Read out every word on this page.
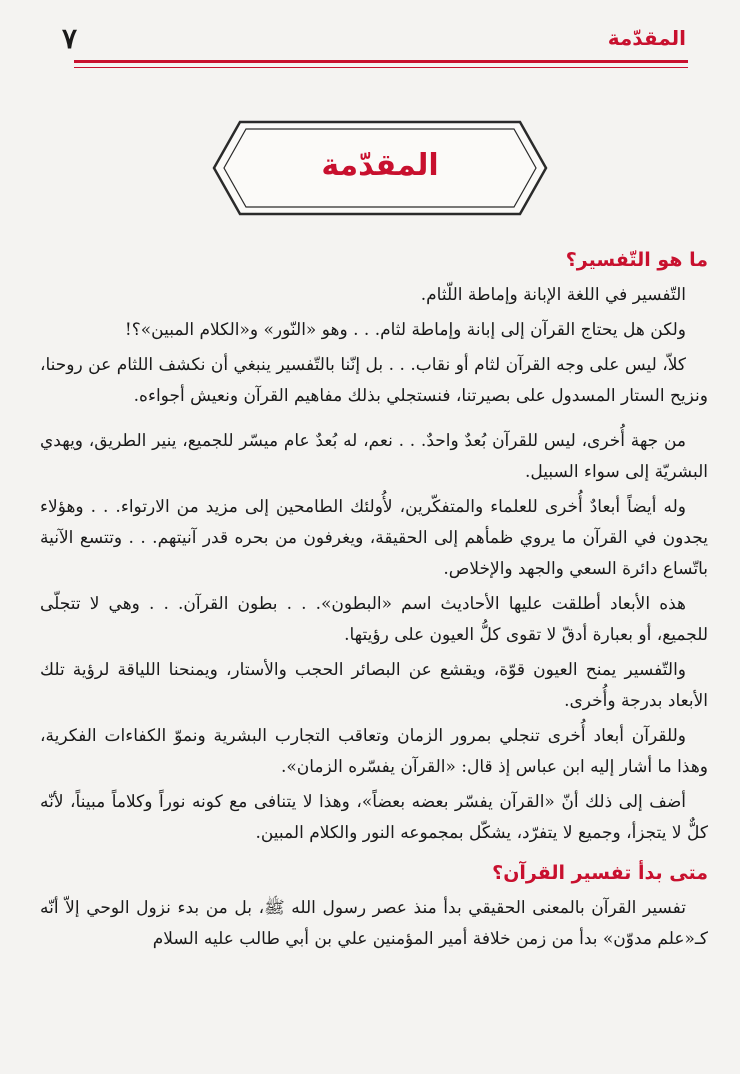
المقدّمة
٧
المقدّمة
ما هو التّفسير؟

التّفسير في اللغة الإبانة وإماطة اللّثام.

ولكن هل يحتاج القرآن إلى إبانة وإماطة لثام. . . وهو «النّور» و«الكلام المبين»؟!

كلاّ، ليس على وجه القرآن لثام أو نقاب. . . بل إنّنا بالتّفسير ينبغي أن نكشف اللثام عن روحنا، ونزيح الستار المسدول على بصيرتنا، فنستجلي بذلك مفاهيم القرآن ونعيش أجواءه.

من جهة أُخرى، ليس للقرآن بُعدٌ واحدٌ. . . نعم، له بُعدٌ عام ميسّر للجميع، ينير الطريق، ويهدي البشريّة إلى سواء السبيل.

وله أيضاً أبعادٌ أُخرى للعلماء والمتفكّرين، لأُولئك الطامحين إلى مزيد من الارتواء. . . وهؤلاء يجدون في القرآن ما يروي ظمأهم إلى الحقيقة، ويغرفون من بحره قدر آنيتهم. . . وتتسع الآنية باتّساع دائرة السعي والجهد والإخلاص.

هذه الأبعاد أطلقت عليها الأحاديث اسم «البطون». . . بطون القرآن. . . وهي لا تتجلّى للجميع، أو بعبارة أدقّ لا تقوى كلُّ العيون على رؤيتها.

والتّفسير يمنح العيون قوّة، ويقشع عن البصائر الحجب والأستار، ويمنحنا اللياقة لرؤية تلك الأبعاد بدرجة وأُخرى.

وللقرآن أبعاد أُخرى تنجلي بمرور الزمان وتعاقب التجارب البشرية ونموّ الكفاءات الفكرية، وهذا ما أشار إليه ابن عباس إذ قال: «القرآن يفسّره الزمان».

أضف إلى ذلك أنّ «القرآن يفسّر بعضه بعضاً»، وهذا لا يتنافى مع كونه نوراً وكلاماً مبيناً، لأنّه كلٌّ لا يتجزأ، وجميع لا يتفرّد، يشكّل بمجموعه النور والكلام المبين.

متى بدأ تفسير القرآن؟

تفسير القرآن بالمعنى الحقيقي بدأ منذ عصر رسول الله ﷺ، بل من بدء نزول الوحي إلاّ أنّه كـ«علم مدوّن» بدأ من زمن خلافة أمير المؤمنين علي بن أبي طالب عليه السلام
